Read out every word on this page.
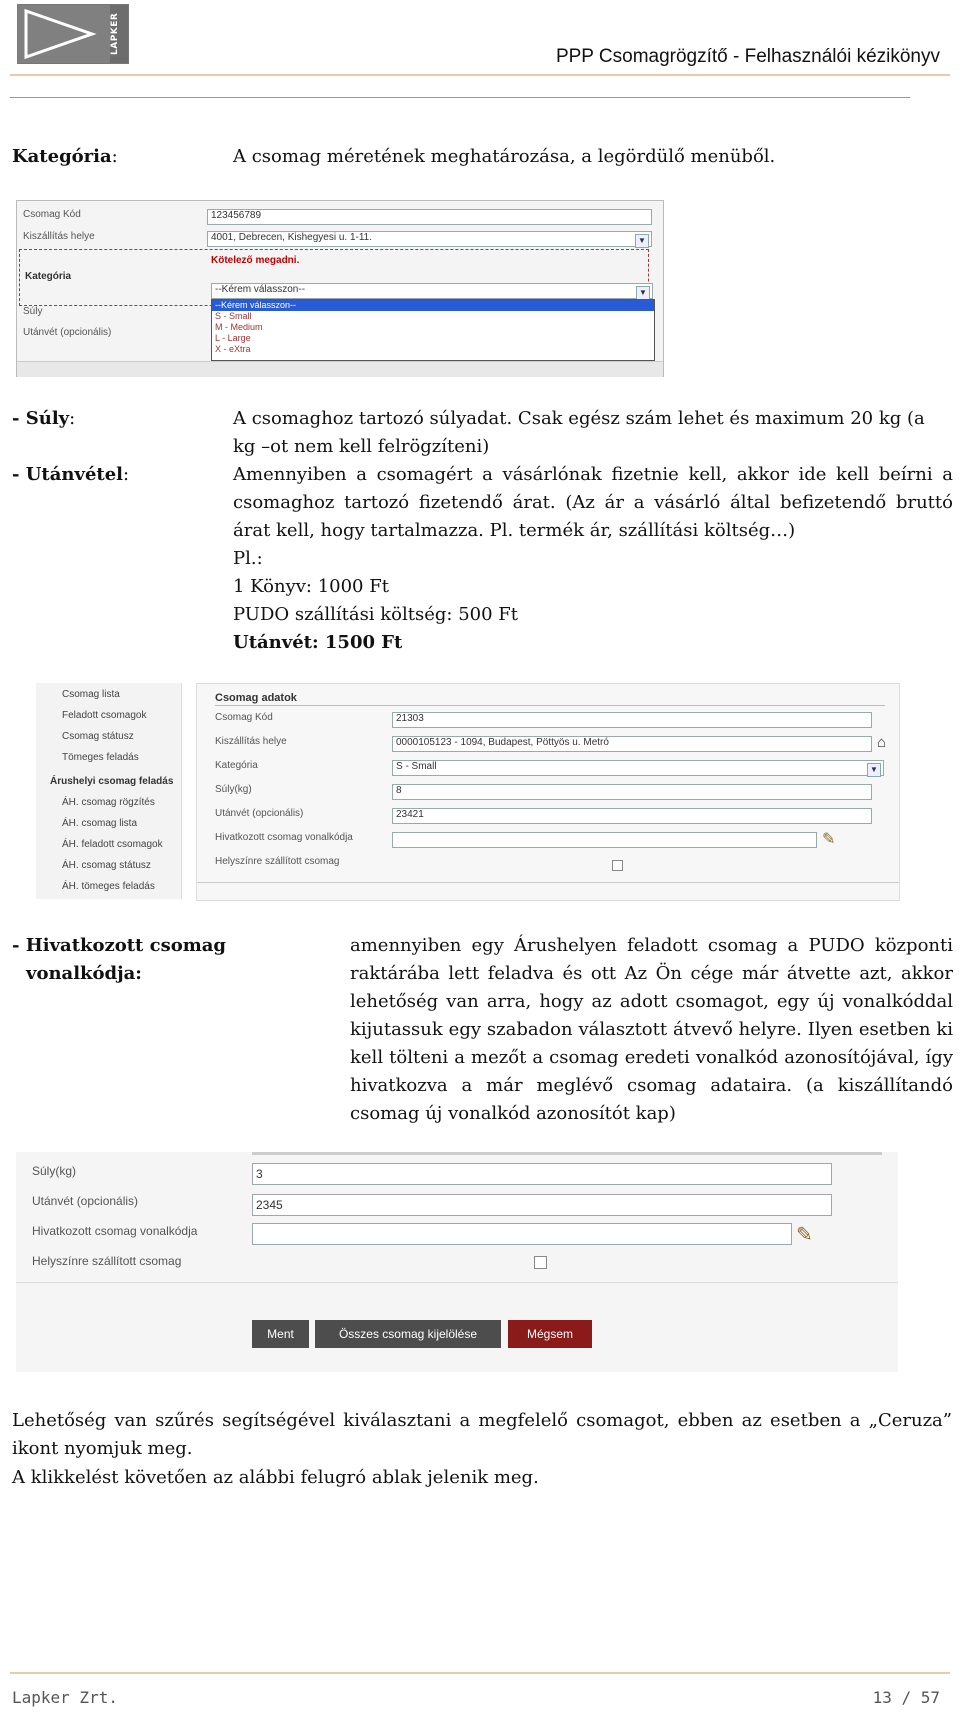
LAPKER
PPP Csomagrögzítő - Felhasználói kézikönyv
Kategória:	A csomag méretének meghatározása, a legördülő menüből.
Csomag Kód	123456789
Kiszállítás helye	4001, Debrecen, Kishegyesi u. 1-11.	▼
Kötelező megadni.
Kategória
--Kérem válasszon--	▼
Súly
Utánvét (opcionális)
--Kérem válasszon--
S - Small
M - Medium
L - Large
X - eXtra
- Súly:	A csomaghoz tartozó súlyadat. Csak egész szám lehet és maximum 20 kg (a
kg –ot nem kell felrögzíteni)
- Utánvétel:	Amennyiben a csomagért a vásárlónak fizetnie kell, akkor ide kell beírni a csomaghoz tartozó fizetendő árat. (Az ár a vásárló által befizetendő bruttó árat kell, hogy tartalmazza. Pl. termék ár, szállítási költség…)
Pl.:
1 Könyv: 1000 Ft
PUDO szállítási költség: 500 Ft
Utánvét: 1500 Ft
Csomag lista
Feladott csomagok
Csomag státusz
Tömeges feladás
Árushelyi csomag feladás
ÁH. csomag rögzítés
ÁH. csomag lista
ÁH. feladott csomagok
ÁH. csomag státusz
ÁH. tömeges feladás
Csomag adatok
Csomag Kód	21303
Kiszállítás helye	0000105123 - 1094, Budapest, Pöttyös u. Metró	⌂
Kategória	S - Small	▼
Súly(kg)	8
Utánvét (opcionális)	23421
Hivatkozott csomag vonalkódja	✎
Helyszínre szállított csomag
- Hivatkozott csomag
vonalkódja:
amennyiben egy Árushelyen feladott csomag a PUDO központi raktárába lett feladva és ott Az Ön cége már átvette azt, akkor lehetőség van arra, hogy az adott csomagot, egy új vonalkóddal kijutassuk egy szabadon választott átvevő helyre. Ilyen esetben ki kell tölteni a mezőt a csomag eredeti vonalkód azonosítójával, így hivatkozva a már meglévő csomag adataira. (a kiszállítandó csomag új vonalkód azonosítót kap)
Súly(kg)	3
Utánvét (opcionális)	2345
Hivatkozott csomag vonalkódja	✎
Helyszínre szállított csomag
Ment	Összes csomag kijelölése	Mégsem
Lehetőség van szűrés segítségével kiválasztani a megfelelő csomagot, ebben az esetben a „Ceruza” ikont nyomjuk meg.
A klikkelést követően az alábbi felugró ablak jelenik meg.
Lapker Zrt.	13 / 57
